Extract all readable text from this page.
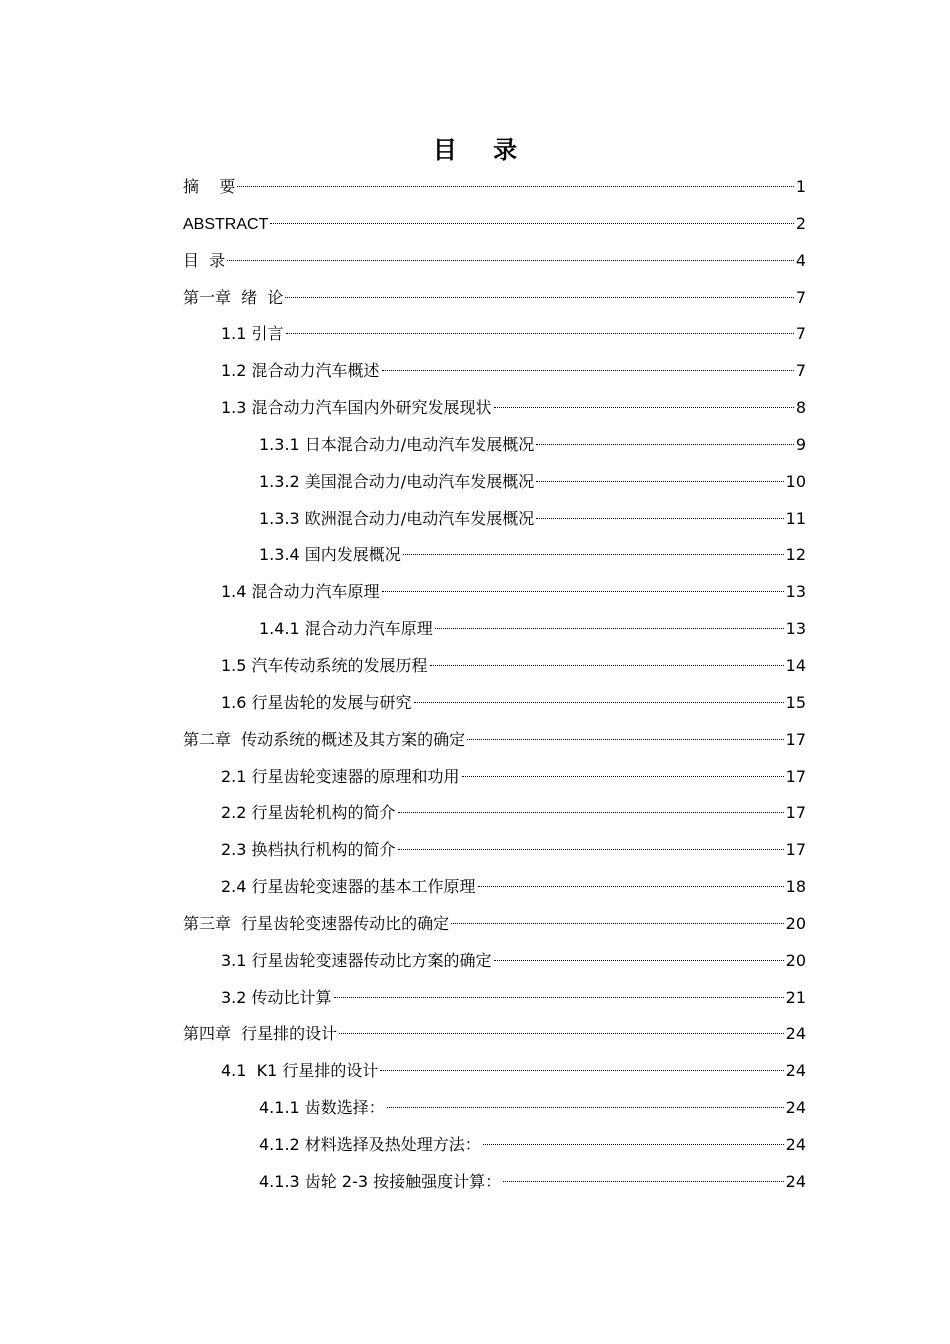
目 录
摘    要	1
ABSTRACT	2
目  录	4
第一章  绪  论	7
1.1 引言	7
1.2 混合动力汽车概述	7
1.3 混合动力汽车国内外研究发展现状	8
1.3.1 日本混合动力/电动汽车发展概况	9
1.3.2 美国混合动力/电动汽车发展概况	10
1.3.3 欧洲混合动力/电动汽车发展概况	11
1.3.4 国内发展概况	12
1.4 混合动力汽车原理	13
1.4.1 混合动力汽车原理	13
1.5 汽车传动系统的发展历程	14
1.6 行星齿轮的发展与研究	15
第二章  传动系统的概述及其方案的确定	17
2.1 行星齿轮变速器的原理和功用	17
2.2 行星齿轮机构的简介	17
2.3 换档执行机构的简介	17
2.4 行星齿轮变速器的基本工作原理	18
第三章  行星齿轮变速器传动比的确定	20
3.1 行星齿轮变速器传动比方案的确定	20
3.2 传动比计算	21
第四章  行星排的设计	24
4.1  K1 行星排的设计	24
4.1.1 齿数选择：	24
4.1.2 材料选择及热处理方法：	24
4.1.3 齿轮 2-3 按接触强度计算：	24
